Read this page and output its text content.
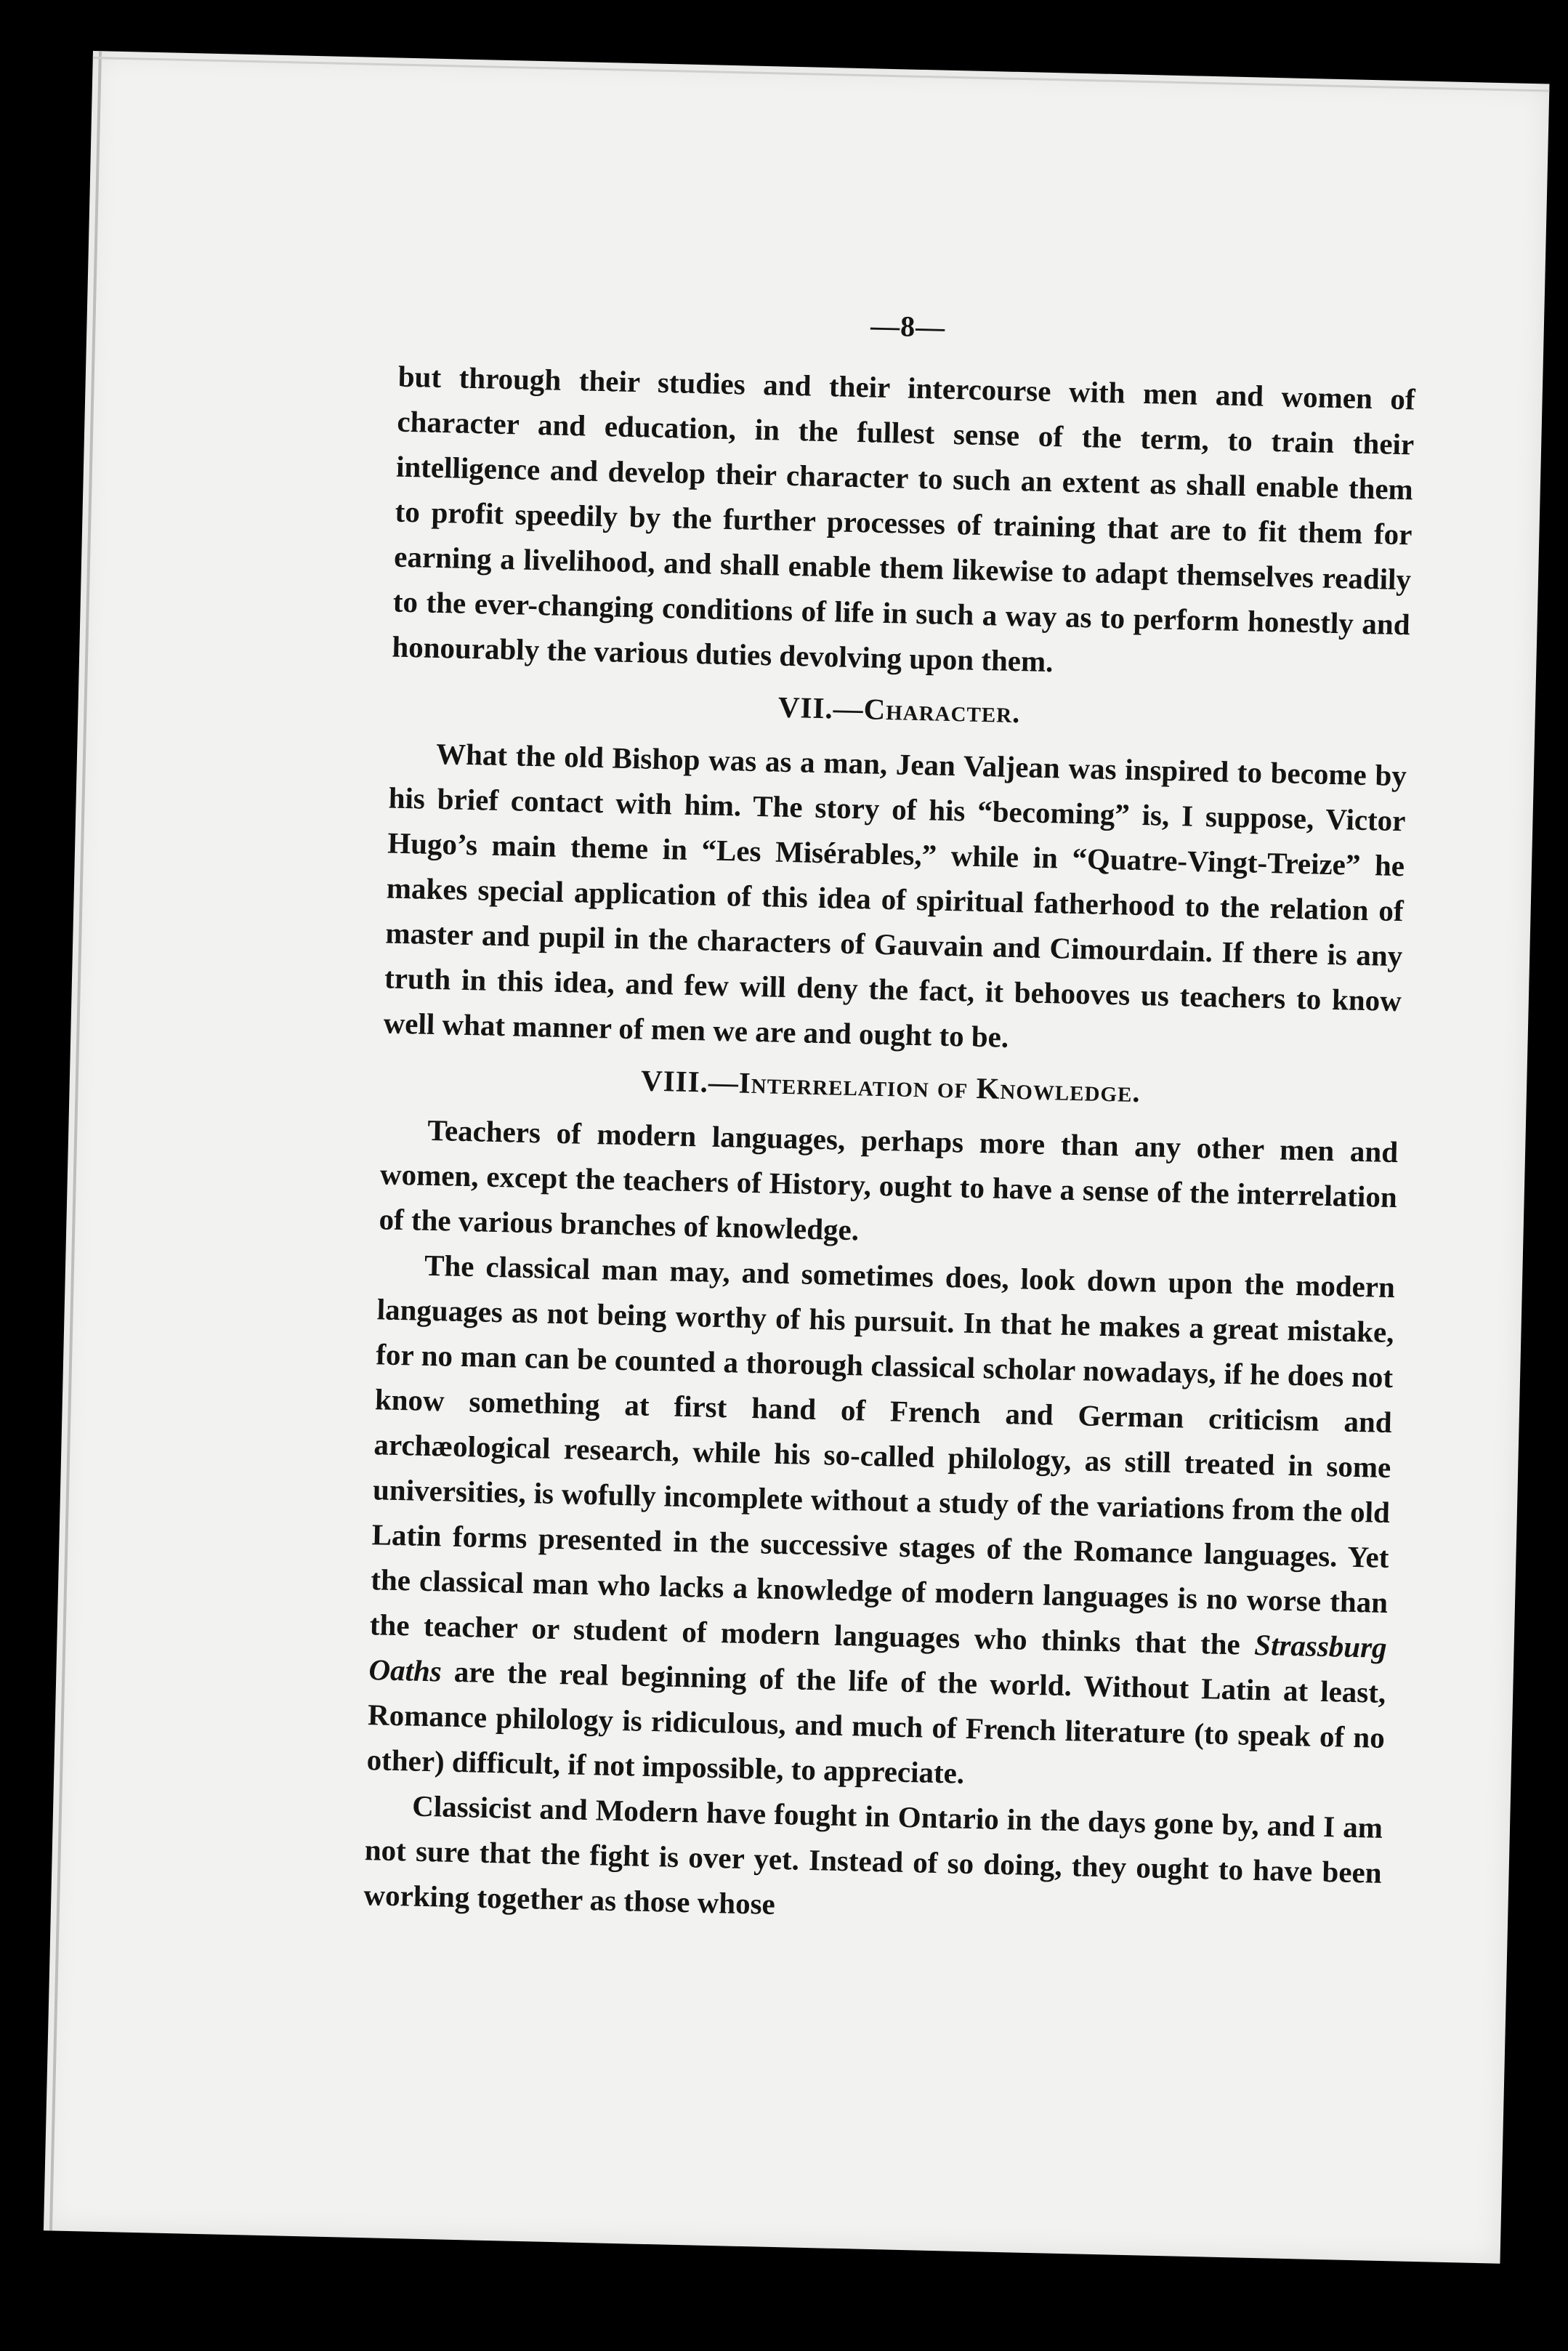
—8—

but through their studies and their intercourse with men and women of character and education, in the fullest sense of the term, to train their intelligence and develop their character to such an extent as shall enable them to profit speedily by the further processes of training that are to fit them for earning a livelihood, and shall enable them likewise to adapt themselves readily to the ever-changing conditions of life in such a way as to perform honestly and honourably the various duties devolving upon them.

VII.—Character.

What the old Bishop was as a man, Jean Valjean was inspired to become by his brief contact with him. The story of his “becoming” is, I suppose, Victor Hugo’s main theme in “Les Misérables,” while in “Quatre-Vingt-Treize” he makes special application of this idea of spiritual fatherhood to the relation of master and pupil in the characters of Gauvain and Cimourdain. If there is any truth in this idea, and few will deny the fact, it behooves us teachers to know well what manner of men we are and ought to be.

VIII.—Interrelation of Knowledge.

Teachers of modern languages, perhaps more than any other men and women, except the teachers of History, ought to have a sense of the interrelation of the various branches of knowledge.

The classical man may, and sometimes does, look down upon the modern languages as not being worthy of his pursuit. In that he makes a great mistake, for no man can be counted a thorough classical scholar nowadays, if he does not know something at first hand of French and German criticism and archæological research, while his so-called philology, as still treated in some universities, is wofully incomplete without a study of the variations from the old Latin forms presented in the successive stages of the Romance languages. Yet the classical man who lacks a knowledge of modern languages is no worse than the teacher or student of modern languages who thinks that the Strassburg Oaths are the real beginning of the life of the world. Without Latin at least, Romance philology is ridiculous, and much of French literature (to speak of no other) difficult, if not impossible, to appreciate.

Classicist and Modern have fought in Ontario in the days gone by, and I am not sure that the fight is over yet. Instead of so doing, they ought to have been working together as those whose
